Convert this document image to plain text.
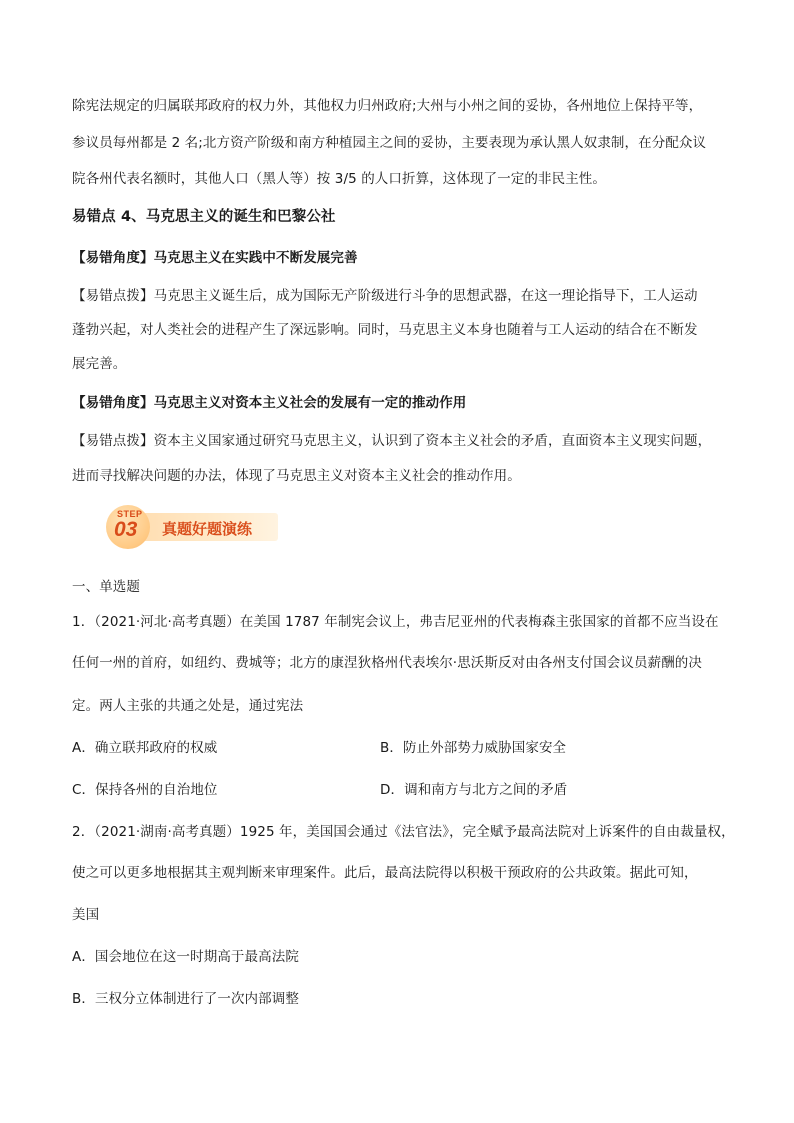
除宪法规定的归属联邦政府的权力外，其他权力归州政府;大州与小州之间的妥协，各州地位上保持平等，
参议员每州都是 2 名;北方资产阶级和南方种植园主之间的妥协，主要表现为承认黑人奴隶制，在分配众议
院各州代表名额时，其他人口（黑人等）按 3/5 的人口折算，这体现了一定的非民主性。
易错点 4、马克思主义的诞生和巴黎公社
【易错角度】马克思主义在实践中不断发展完善
【易错点拨】马克思主义诞生后，成为国际无产阶级进行斗争的思想武器，在这一理论指导下，工人运动
蓬勃兴起，对人类社会的进程产生了深远影响。同时，马克思主义本身也随着与工人运动的结合在不断发
展完善。
【易错角度】马克思主义对资本主义社会的发展有一定的推动作用
【易错点拨】资本主义国家通过研究马克思主义，认识到了资本主义社会的矛盾，直面资本主义现实问题，
进而寻找解决问题的办法，体现了马克思主义对资本主义社会的推动作用。
STEP
03 真题好题演练
一、单选题
1．（2021·河北·高考真题）在美国 1787 年制宪会议上，弗吉尼亚州的代表梅森主张国家的首都不应当设在
任何一州的首府，如纽约、费城等；北方的康涅狄格州代表埃尔·思沃斯反对由各州支付国会议员薪酬的决
定。两人主张的共通之处是，通过宪法
A．确立联邦政府的权威	B．防止外部势力威胁国家安全
C．保持各州的自治地位	D．调和南方与北方之间的矛盾
2．（2021·湖南·高考真题）1925 年，美国国会通过《法官法》，完全赋予最高法院对上诉案件的自由裁量权，
使之可以更多地根据其主观判断来审理案件。此后，最高法院得以积极干预政府的公共政策。据此可知，
美国
A．国会地位在这一时期高于最高法院
B．三权分立体制进行了一次内部调整
